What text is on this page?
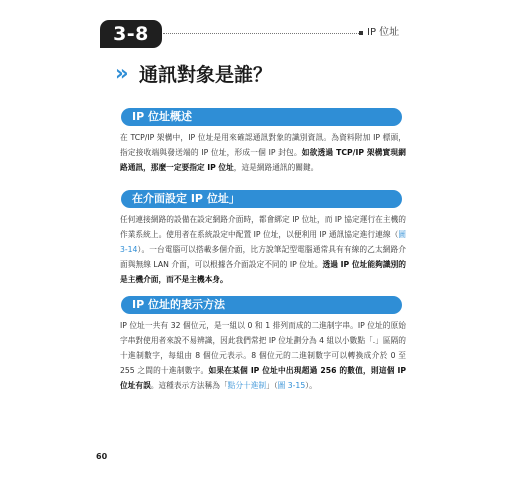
3-8	IP 位址
» 通訊對象是誰？
IP 位址概述
在 TCP/IP 架構中，IP 位址是用來確認通訊對象的識別資訊。為資料附加 IP 標頭，指定接收端與發送端的 IP 位址，形成一個 IP 封包。如欲透過 TCP/IP 架構實現網路通訊，那麼一定要指定 IP 位址，這是網路通訊的關鍵。
在介面設定 IP 位址」
任何連接網路的設備在設定網路介面時，都會綁定 IP 位址，而 IP 協定運行在主機的作業系統上。使用者在系統設定中配置 IP 位址，以便利用 IP 通訊協定進行連線（圖 3-14）。一台電腦可以搭載多個介面，比方說筆記型電腦通常具有有線的乙太網路介面與無線 LAN 介面，可以根據各介面設定不同的 IP 位址。透過 IP 位址能夠識別的是主機介面，而不是主機本身。
IP 位址的表示方法
IP 位址一共有 32 個位元，是一組以 0 和 1 排列而成的二進制字串。IP 位址的原始字串對使用者來說不易辨識，因此我們常把 IP 位址劃分為 4 組以小數點「.」區隔的十進制數字，每組由 8 個位元表示。8 個位元的二進制數字可以轉換成介於 0 至 255 之間的十進制數字。如果在某個 IP 位址中出現超過 256 的數值，則這個 IP 位址有誤。這種表示方法稱為「點分十進制」（圖 3-15）。
60
